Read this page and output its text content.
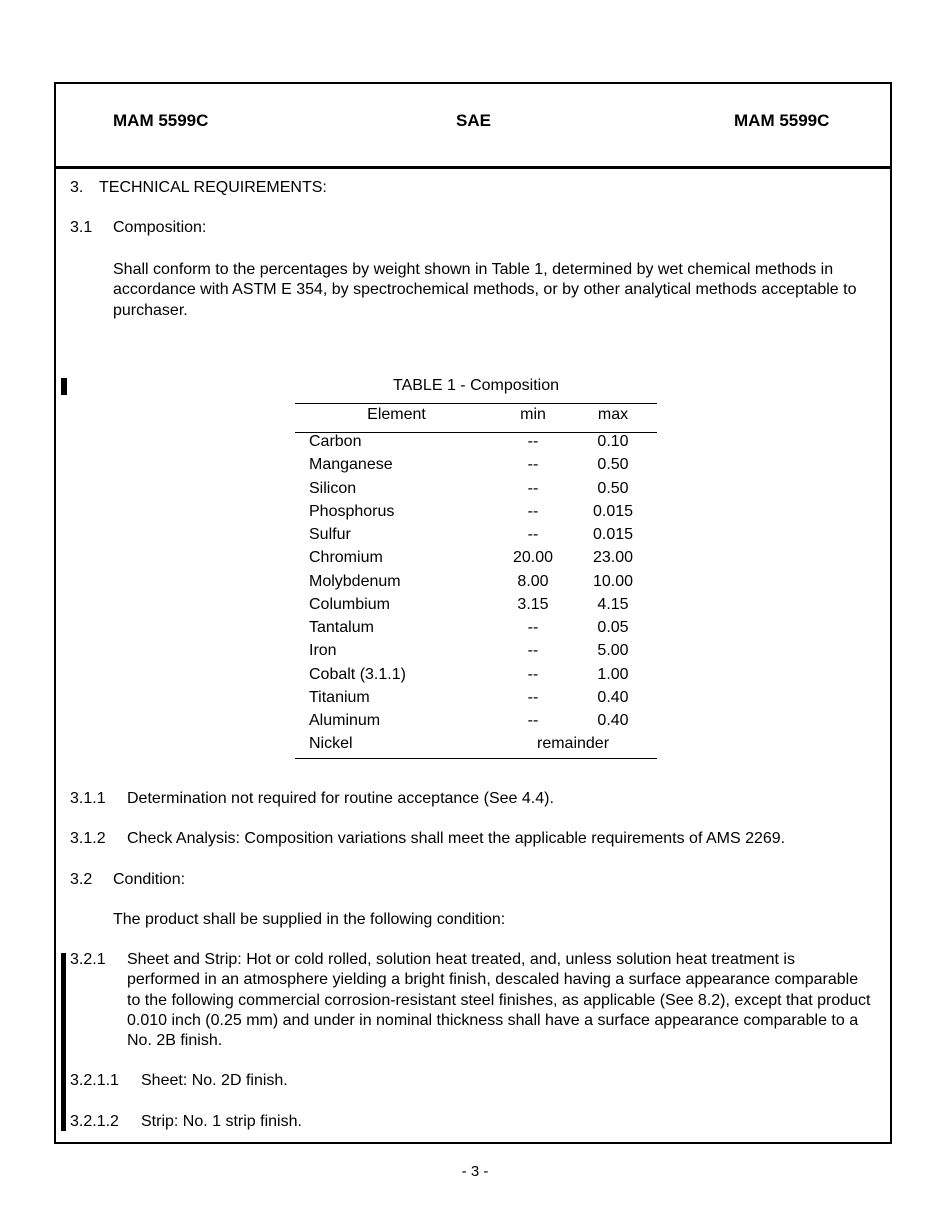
MAM 5599C	SAE	MAM 5599C
3. TECHNICAL REQUIREMENTS:
3.1 Composition:
Shall conform to the percentages by weight shown in Table 1, determined by wet chemical methods in accordance with ASTM E 354, by spectrochemical methods, or by other analytical methods acceptable to purchaser.
TABLE 1 - Composition
Element	min	max
Carbon	--	0.10
Manganese	--	0.50
Silicon	--	0.50
Phosphorus	--	0.015
Sulfur	--	0.015
Chromium	20.00	23.00
Molybdenum	8.00	10.00
Columbium	3.15	4.15
Tantalum	--	0.05
Iron	--	5.00
Cobalt (3.1.1)	--	1.00
Titanium	--	0.40
Aluminum	--	0.40
Nickel	remainder
3.1.1 Determination not required for routine acceptance (See 4.4).
3.1.2 Check Analysis: Composition variations shall meet the applicable requirements of AMS 2269.
3.2 Condition:
The product shall be supplied in the following condition:
3.2.1 Sheet and Strip: Hot or cold rolled, solution heat treated, and, unless solution heat treatment is performed in an atmosphere yielding a bright finish, descaled having a surface appearance comparable to the following commercial corrosion-resistant steel finishes, as applicable (See 8.2), except that product 0.010 inch (0.25 mm) and under in nominal thickness shall have a surface appearance comparable to a No. 2B finish.
3.2.1.1 Sheet: No. 2D finish.
3.2.1.2 Strip: No. 1 strip finish.
- 3 -
